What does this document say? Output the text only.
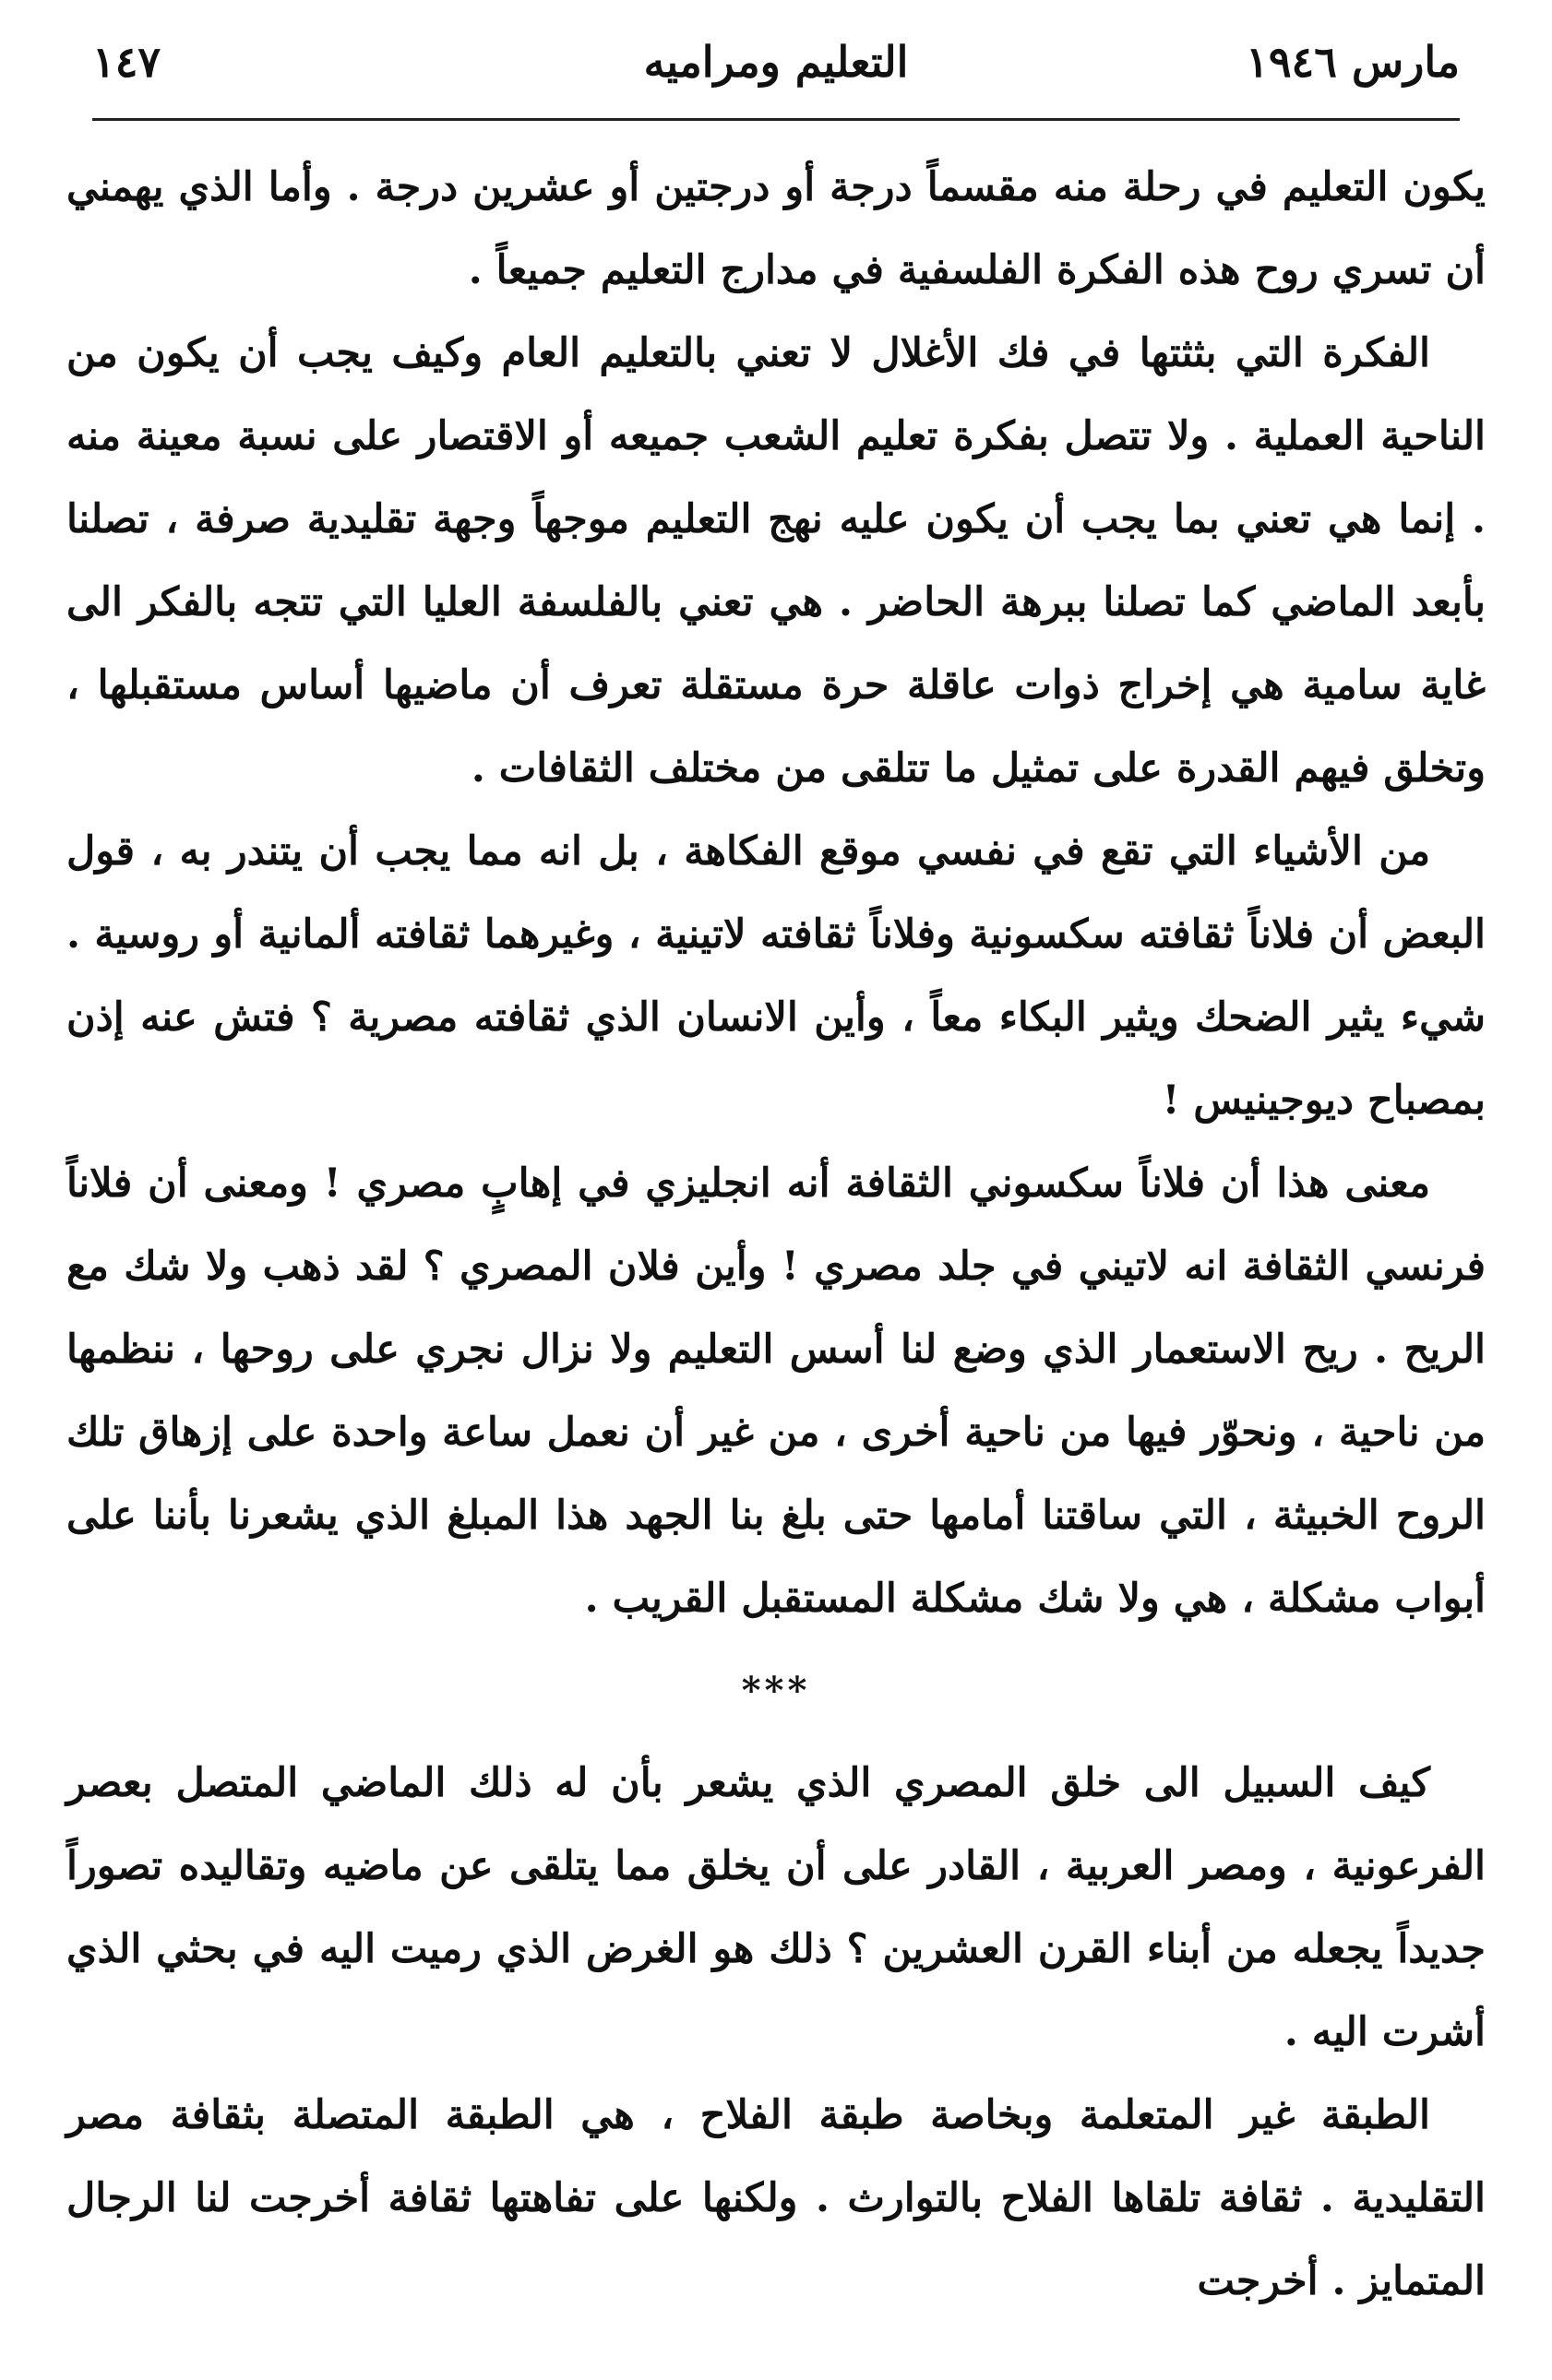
مارس ١٩٤٦
التعليم ومراميه
١٤٧

يكون التعليم في رحلة منه مقسماً درجة أو درجتين أو عشرين درجة . وأما الذي يهمني أن تسري روح هذه الفكرة الفلسفية في مدارج التعليم جميعاً .

الفكرة التي بثثتها في فك الأغلال لا تعني بالتعليم العام وكيف يجب أن يكون من الناحية العملية . ولا تتصل بفكرة تعليم الشعب جميعه أو الاقتصار على نسبة معينة منه . إنما هي تعني بما يجب أن يكون عليه نهج التعليم موجهاً وجهة تقليدية صرفة ، تصلنا بأبعد الماضي كما تصلنا ببرهة الحاضر . هي تعني بالفلسفة العليا التي تتجه بالفكر الى غاية سامية هي إخراج ذوات عاقلة حرة مستقلة تعرف أن ماضيها أساس مستقبلها ، وتخلق فيهم القدرة على تمثيل ما تتلقى من مختلف الثقافات .

من الأشياء التي تقع في نفسي موقع الفكاهة ، بل انه مما يجب أن يتندر به ، قول البعض أن فلاناً ثقافته سكسونية وفلاناً ثقافته لاتينية ، وغيرهما ثقافته ألمانية أو روسية . شيء يثير الضحك ويثير البكاء معاً ، وأين الانسان الذي ثقافته مصرية ؟ فتش عنه إذن بمصباح ديوجينيس !

معنى هذا أن فلاناً سكسوني الثقافة أنه انجليزي في إهابٍ مصري ! ومعنى أن فلاناً فرنسي الثقافة انه لاتيني في جلد مصري ! وأين فلان المصري ؟ لقد ذهب ولا شك مع الريح . ريح الاستعمار الذي وضع لنا أسس التعليم ولا نزال نجري على روحها ، ننظمها من ناحية ، ونحوّر فيها من ناحية أخرى ، من غير أن نعمل ساعة واحدة على إزهاق تلك الروح الخبيثة ، التي ساقتنا أمامها حتى بلغ بنا الجهد هذا المبلغ الذي يشعرنا بأننا على أبواب مشكلة ، هي ولا شك مشكلة المستقبل القريب .

***

كيف السبيل الى خلق المصري الذي يشعر بأن له ذلك الماضي المتصل بعصر الفرعونية ، ومصر العربية ، القادر على أن يخلق مما يتلقى عن ماضيه وتقاليده تصوراً جديداً يجعله من أبناء القرن العشرين ؟ ذلك هو الغرض الذي رميت اليه في بحثي الذي أشرت اليه .

الطبقة غير المتعلمة وبخاصة طبقة الفلاح ، هي الطبقة المتصلة بثقافة مصر التقليدية . ثقافة تلقاها الفلاح بالتوارث . ولكنها على تفاهتها ثقافة أخرجت لنا الرجال المتمايز . أخرجت
